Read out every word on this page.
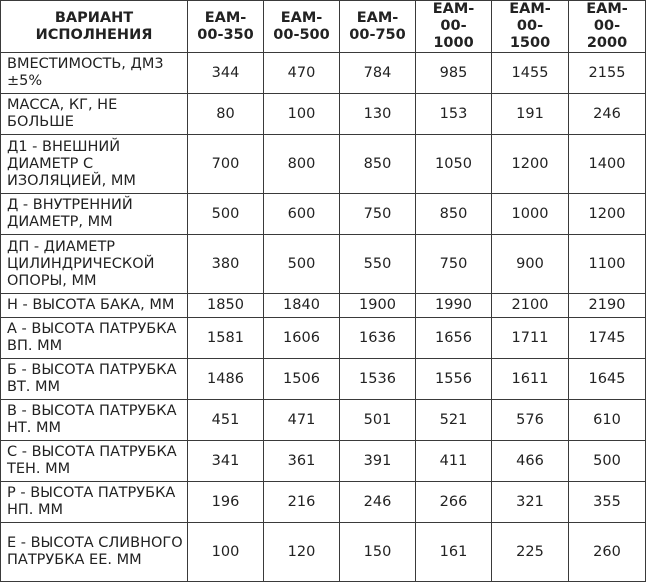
ВАРИАНТ ИСПОЛНЕНИЯ	EAM-00-350	EAM-00-500	EAM-00-750	EAM-00-1000	EAM-00-1500	EAM-00-2000
ВМЕСТИМОСТЬ, ДМ3 ±5%	344	470	784	985	1455	2155
МАССА, КГ, НЕ БОЛЬШЕ	80	100	130	153	191	246
Д1 - ВНЕШНИЙ ДИАМЕТР С ИЗОЛЯЦИЕЙ, ММ	700	800	850	1050	1200	1400
Д - ВНУТРЕННИЙ ДИАМЕТР, ММ	500	600	750	850	1000	1200
ДП - ДИАМЕТР ЦИЛИНДРИЧЕСКОЙ ОПОРЫ, ММ	380	500	550	750	900	1100
Н - ВЫСОТА БАКА, ММ	1850	1840	1900	1990	2100	2190
А - ВЫСОТА ПАТРУБКА ВП. ММ	1581	1606	1636	1656	1711	1745
Б - ВЫСОТА ПАТРУБКА ВТ. ММ	1486	1506	1536	1556	1611	1645
В - ВЫСОТА ПАТРУБКА НТ. ММ	451	471	501	521	576	610
С - ВЫСОТА ПАТРУБКА ТЕН. ММ	341	361	391	411	466	500
Р - ВЫСОТА ПАТРУБКА НП. ММ	196	216	246	266	321	355
Е - ВЫСОТА СЛИВНОГО ПАТРУБКА ЕЕ. ММ	100	120	150	161	225	260
